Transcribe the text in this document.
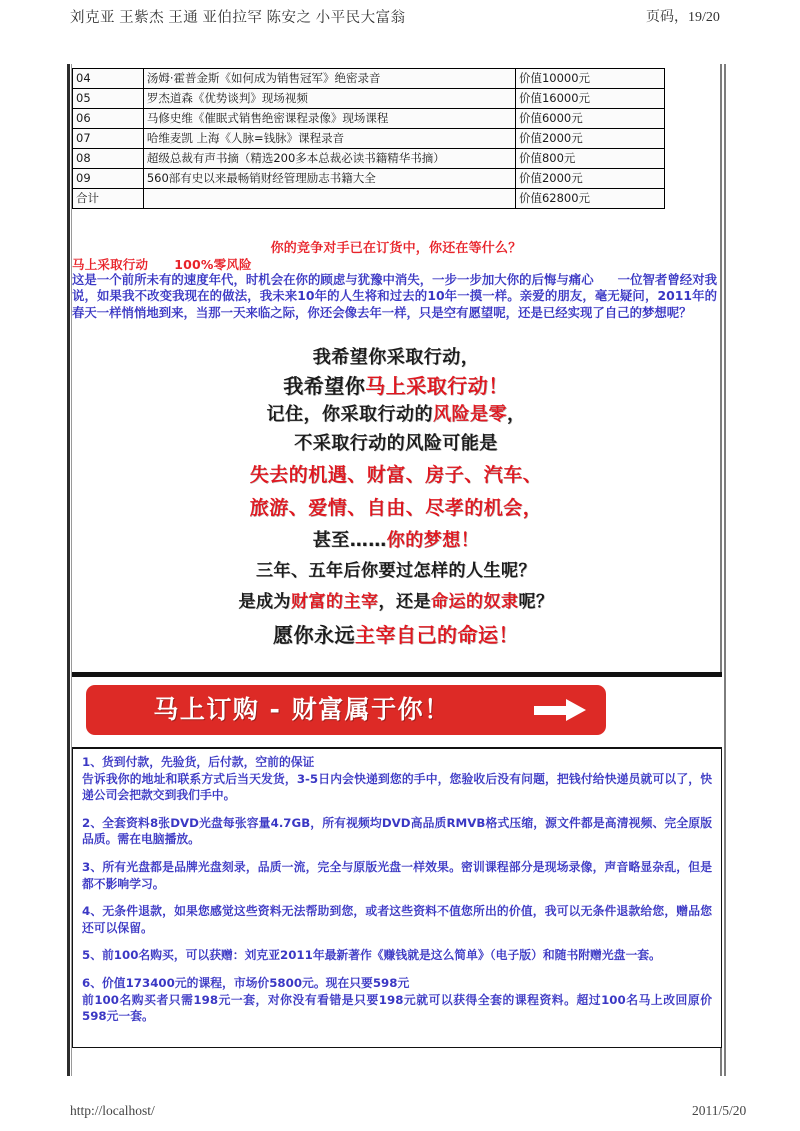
刘克亚 王紫杰 王通 亚伯拉罕 陈安之 小平民大富翁	页码，19/20
04	汤姆·霍普金斯《如何成为销售冠军》绝密录音	价值10000元
05	罗杰道森《优势谈判》现场视频	价值16000元
06	马修史维《催眠式销售绝密课程录像》现场课程	价值6000元
07	哈维麦凯 上海《人脉=钱脉》课程录音	价值2000元
08	超级总裁有声书摘（精选200多本总裁必读书籍精华书摘）	价值800元
09	560部有史以来最畅销财经管理励志书籍大全	价值2000元
合计		价值62800元
你的竞争对手已在订货中，你还在等什么？
马上采取行动 100%零风险
这是一个前所未有的速度年代，时机会在你的顾虑与犹豫中消失，一步一步加大你的后悔与痛心 一位智者曾经对我说，如果我不改变我现在的做法，我未来10年的人生将和过去的10年一摸一样。亲爱的朋友，毫无疑问，2011年的春天一样悄悄地到来，当那一天来临之际，你还会像去年一样，只是空有愿望呢，还是已经实现了自己的梦想呢？
我希望你采取行动，
我希望你马上采取行动！
记住，你采取行动的风险是零，
不采取行动的风险可能是
失去的机遇、财富、房子、汽车、
旅游、爱情、自由、尽孝的机会，
甚至……你的梦想！
三年、五年后你要过怎样的人生呢？
是成为财富的主宰，还是命运的奴隶呢？
愿你永远主宰自己的命运！
马上订购 - 财富属于你！

1、货到付款，先验货，后付款，空前的保证
告诉我你的地址和联系方式后当天发货，3-5日内会快递到您的手中，您验收后没有问题，把钱付给快递员就可以了，快递公司会把款交到我们手中。

2、全套资料8张DVD光盘每张容量4.7GB，所有视频均DVD高品质RMVB格式压缩，源文件都是高清视频、完全原版品质。需在电脑播放。

3、所有光盘都是品牌光盘刻录，品质一流，完全与原版光盘一样效果。密训课程部分是现场录像，声音略显杂乱，但是都不影响学习。

4、无条件退款，如果您感觉这些资料无法帮助到您，或者这些资料不值您所出的价值，我可以无条件退款给您，赠品您还可以保留。

5、前100名购买，可以获赠：刘克亚2011年最新著作《赚钱就是这么简单》（电子版）和随书附赠光盘一套。

6、价值173400元的课程，市场价5800元。现在只要598元
前100名购买者只需198元一套，对你没有看错是只要198元就可以获得全套的课程资料。超过100名马上改回原价598元一套。

http://localhost/	2011/5/20
